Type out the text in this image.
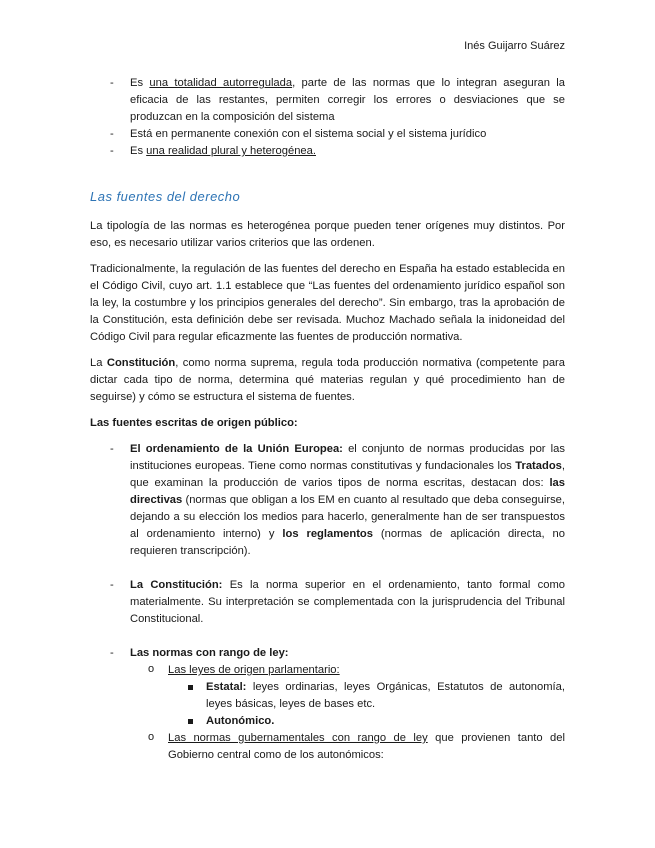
Inés Guijarro Suárez
- Es una totalidad autorregulada, parte de las normas que lo integran aseguran la eficacia de las restantes, permiten corregir los errores o desviaciones que se produzcan en la composición del sistema
- Está en permanente conexión con el sistema social y el sistema jurídico
- Es una realidad plural y heterogénea.
Las fuentes del derecho

La tipología de las normas es heterogénea porque pueden tener orígenes muy distintos. Por eso, es necesario utilizar varios criterios que las ordenen.

Tradicionalmente, la regulación de las fuentes del derecho en España ha estado establecida en el Código Civil, cuyo art. 1.1 establece que “Las fuentes del ordenamiento jurídico español son la ley, la costumbre y los principios generales del derecho”. Sin embargo, tras la aprobación de la Constitución, esta definición debe ser revisada. Muchoz Machado señala la inidoneidad del Código Civil para regular eficazmente las fuentes de producción normativa.

La Constitución, como norma suprema, regula toda producción normativa (competente para dictar cada tipo de norma, determina qué materias regulan y qué procedimiento han de seguirse) y cómo se estructura el sistema de fuentes.

Las fuentes escritas de origen público:

- El ordenamiento de la Unión Europea: el conjunto de normas producidas por las instituciones europeas. Tiene como normas constitutivas y fundacionales los Tratados, que examinan la producción de varios tipos de norma escritas, destacan dos: las directivas (normas que obligan a los EM en cuanto al resultado que deba conseguirse, dejando a su elección los medios para hacerlo, generalmente han de ser transpuestos al ordenamiento interno) y los reglamentos (normas de aplicación directa, no requieren transcripción).
- La Constitución: Es la norma superior en el ordenamiento, tanto formal como materialmente. Su interpretación se complementada con la jurisprudencia del Tribunal Constitucional.
- Las normas con rango de ley:
o Las leyes de origen parlamentario:
Estatal: leyes ordinarias, leyes Orgánicas, Estatutos de autonomía, leyes básicas, leyes de bases etc.
Autonómico.
o Las normas gubernamentales con rango de ley que provienen tanto del Gobierno central como de los autonómicos:
